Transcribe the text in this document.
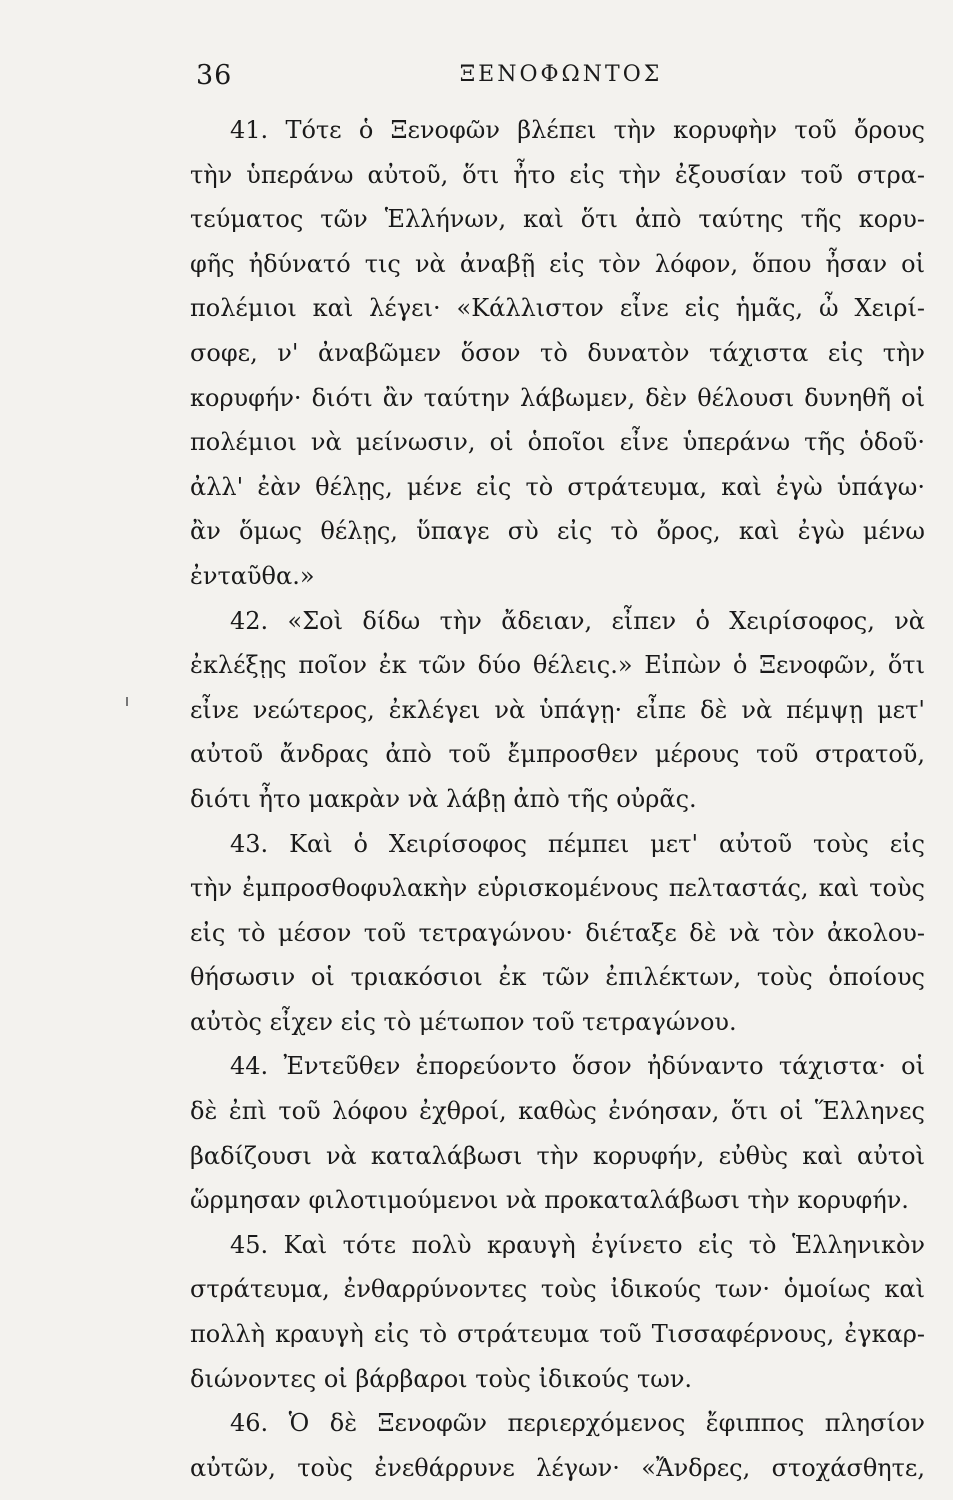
36	ΞΕΝΟΦΩΝΤΟΣ
41. Τότε ὁ Ξενοφῶν βλέπει τὴν κορυφὴν τοῦ ὄρους
τὴν ὑπεράνω αὐτοῦ, ὅτι ἦτο εἰς τὴν ἐξουσίαν τοῦ στρα-
τεύματος τῶν Ἑλλήνων, καὶ ὅτι ἀπὸ ταύτης τῆς κορυ-
φῆς ἠδύνατό τις νὰ ἀναβῇ εἰς τὸν λόφον, ὅπου ἦσαν οἱ
πολέμιοι καὶ λέγει· «Κάλλιστον εἶνε εἰς ἡμᾶς, ὦ Χειρί-
σοφε, ν' ἀναβῶμεν ὅσον τὸ δυνατὸν τάχιστα εἰς τὴν
κορυφήν· διότι ἂν ταύτην λάβωμεν, δὲν θέλουσι δυνηθῆ οἱ
πολέμιοι νὰ μείνωσιν, οἱ ὁποῖοι εἶνε ὑπεράνω τῆς ὁδοῦ·
ἀλλ' ἐὰν θέλῃς, μένε εἰς τὸ στράτευμα, καὶ ἐγὼ ὑπάγω·
ἂν ὅμως θέλῃς, ὕπαγε σὺ εἰς τὸ ὄρος, καὶ ἐγὼ μένω
ἐνταῦθα.»
42. «Σοὶ δίδω τὴν ἄδειαν, εἶπεν ὁ Χειρίσοφος, νὰ
ἐκλέξῃς ποῖον ἐκ τῶν δύο θέλεις.» Εἰπὼν ὁ Ξενοφῶν, ὅτι
εἶνε νεώτερος, ἐκλέγει νὰ ὑπάγῃ· εἶπε δὲ νὰ πέμψῃ μετ'
αὐτοῦ ἄνδρας ἀπὸ τοῦ ἔμπροσθεν μέρους τοῦ στρατοῦ,
διότι ἦτο μακρὰν νὰ λάβῃ ἀπὸ τῆς οὐρᾶς.
43. Καὶ ὁ Χειρίσοφος πέμπει μετ' αὐτοῦ τοὺς εἰς
τὴν ἐμπροσθοφυλακὴν εὑρισκομένους πελταστάς, καὶ τοὺς
εἰς τὸ μέσον τοῦ τετραγώνου· διέταξε δὲ νὰ τὸν ἀκολου-
θήσωσιν οἱ τριακόσιοι ἐκ τῶν ἐπιλέκτων, τοὺς ὁποίους
αὐτὸς εἶχεν εἰς τὸ μέτωπον τοῦ τετραγώνου.
44. Ἐντεῦθεν ἐπορεύοντο ὅσον ἠδύναντο τάχιστα· οἱ
δὲ ἐπὶ τοῦ λόφου ἐχθροί, καθὼς ἐνόησαν, ὅτι οἱ Ἕλληνες
βαδίζουσι νὰ καταλάβωσι τὴν κορυφήν, εὐθὺς καὶ αὐτοὶ
ὥρμησαν φιλοτιμούμενοι νὰ προκαταλάβωσι τὴν κορυφήν.
45. Καὶ τότε πολὺ κραυγὴ ἐγίνετο εἰς τὸ Ἑλληνικὸν
στράτευμα, ἐνθαρρύνοντες τοὺς ἰδικούς των· ὁμοίως καὶ
πολλὴ κραυγὴ εἰς τὸ στράτευμα τοῦ Τισσαφέρνους, ἐγκαρ-
διώνοντες οἱ βάρβαροι τοὺς ἰδικούς των.
46. Ὁ δὲ Ξενοφῶν περιερχόμενος ἔφιππος πλησίον
αὐτῶν, τοὺς ἐνεθάρρυνε λέγων· «Ἄνδρες, στοχάσθητε,
